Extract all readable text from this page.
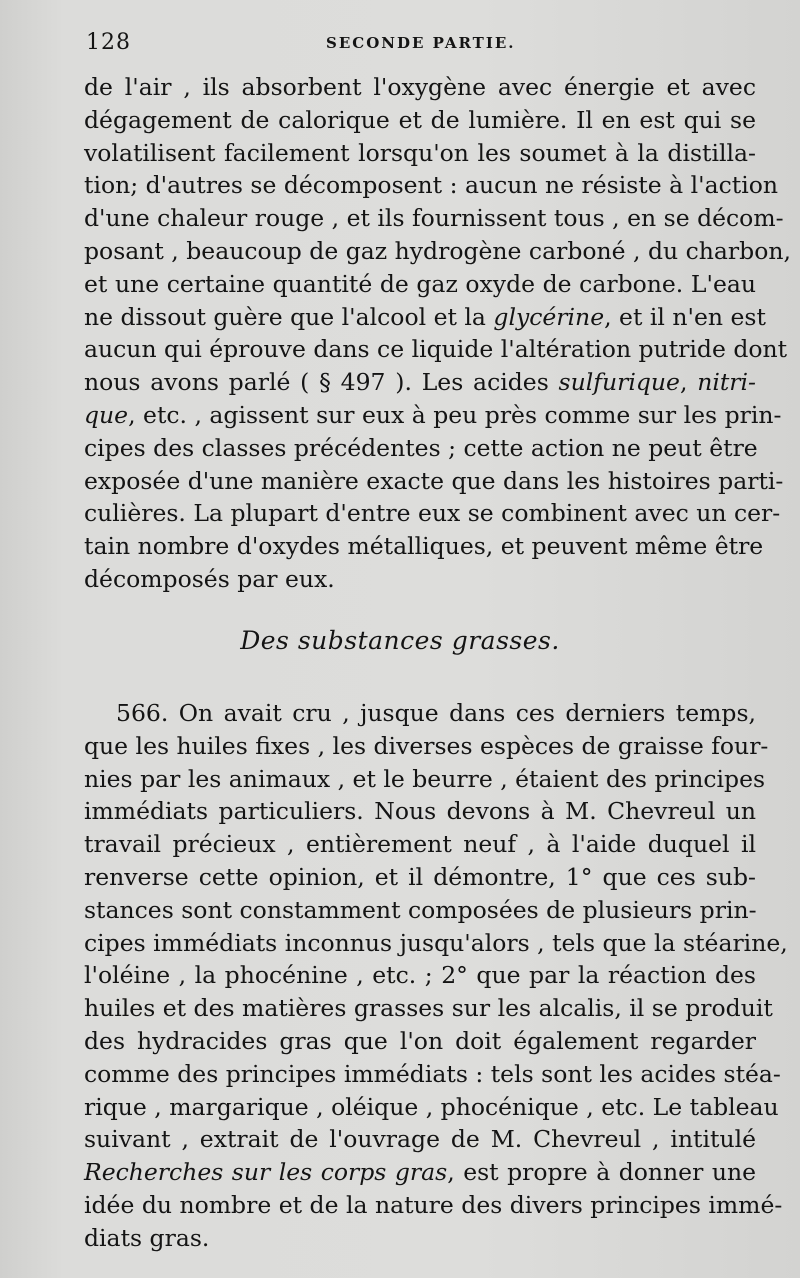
128	SECONDE PARTIE.
de l'air , ils absorbent l'oxygène avec énergie et avec
dégagement de calorique et de lumière. Il en est qui se
volatilisent facilement lorsqu'on les soumet à la distilla-
tion; d'autres se décomposent : aucun ne résiste à l'action
d'une chaleur rouge , et ils fournissent tous , en se décom-
posant , beaucoup de gaz hydrogène carboné , du charbon,
et une certaine quantité de gaz oxyde de carbone. L'eau
ne dissout guère que l'alcool et la glycérine, et il n'en est
aucun qui éprouve dans ce liquide l'altération putride dont
nous avons parlé ( § 497 ). Les acides sulfurique, nitri-
que, etc. , agissent sur eux à peu près comme sur les prin-
cipes des classes précédentes ; cette action ne peut être
exposée d'une manière exacte que dans les histoires parti-
culières. La plupart d'entre eux se combinent avec un cer-
tain nombre d'oxydes métalliques, et peuvent même être
décomposés par eux.
Des substances grasses.
566. On avait cru , jusque dans ces derniers temps,
que les huiles fixes , les diverses espèces de graisse four-
nies par les animaux , et le beurre , étaient des principes
immédiats particuliers. Nous devons à M. Chevreul un
travail précieux , entièrement neuf , à l'aide duquel il
renverse cette opinion, et il démontre, 1° que ces sub-
stances sont constamment composées de plusieurs prin-
cipes immédiats inconnus jusqu'alors , tels que la stéarine,
l'oléine , la phocénine , etc. ; 2° que par la réaction des
huiles et des matières grasses sur les alcalis, il se produit
des hydracides gras que l'on doit également regarder
comme des principes immédiats : tels sont les acides stéa-
rique , margarique , oléique , phocénique , etc. Le tableau
suivant , extrait de l'ouvrage de M. Chevreul , intitulé
Recherches sur les corps gras, est propre à donner une
idée du nombre et de la nature des divers principes immé-
diats gras.
